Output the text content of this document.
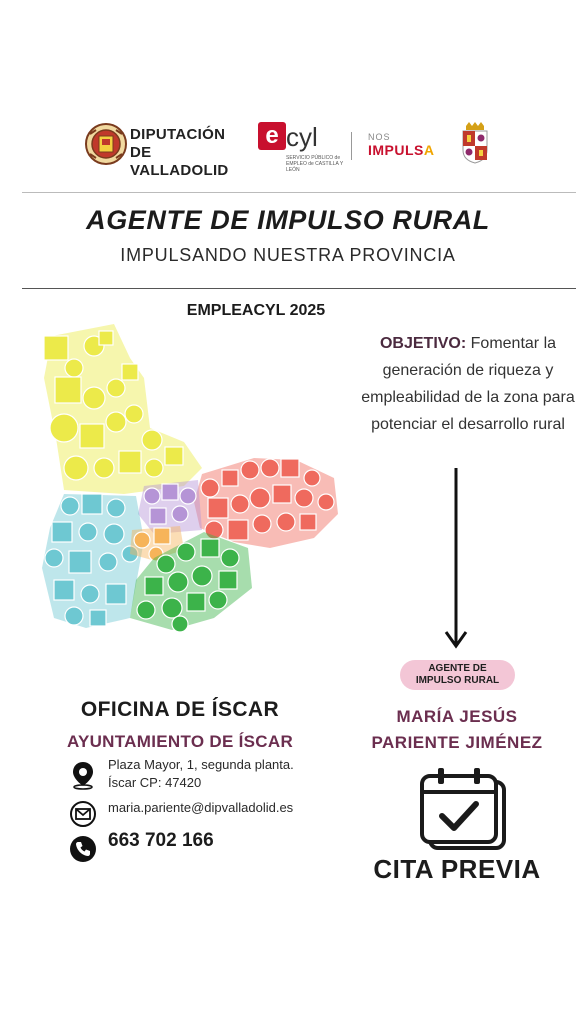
DIPUTACIÓN
DE VALLADOLID
e cyl
SERVICIO PÚBLICO de EMPLEO de CASTILLA Y LEÓN
NOS
IMPULSA
AGENTE DE IMPULSO RURAL
IMPULSANDO NUESTRA PROVINCIA
EMPLEACYL 2025
OBJETIVO: Fomentar la generación de riqueza y empleabilidad de la zona para potenciar el desarrollo rural
AGENTE DE
IMPULSO RURAL
MARÍA JESÚS
PARIENTE JIMÉNEZ
CITA PREVIA
OFICINA DE ÍSCAR
AYUNTAMIENTO DE ÍSCAR
Plaza Mayor, 1, segunda planta.
Íscar CP: 47420
maria.pariente@dipvalladolid.es
663 702 166
